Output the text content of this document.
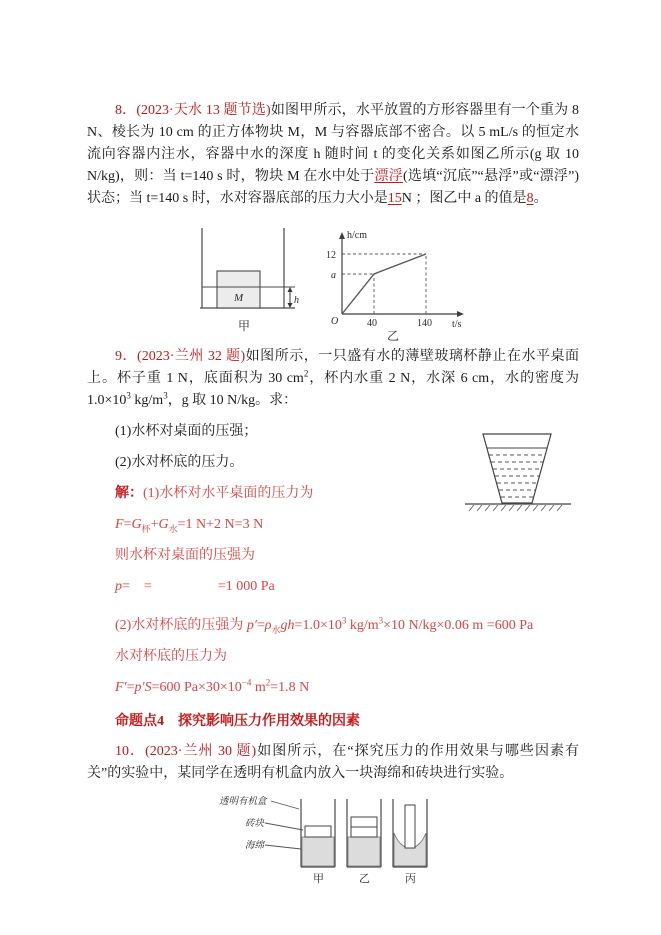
8．(2023·天水 13 题节选)如图甲所示，水平放置的方形容器里有一个重为 8 N、棱长为 10 cm 的正方体物块 M，M 与容器底部不密合。以 5 mL/s 的恒定水流向容器内注水，容器中水的深度 h 随时间 t 的变化关系如图乙所示(g 取 10 N/kg)，则：当 t=140 s 时，物块 M 在水中处于漂浮(选填“沉底”“悬浮”或“漂浮”)状态；当 t=140 s 时，水对容器底部的压力大小是15N ；图乙中 a 的值是8。

M	h
甲
h/cm
t/s
O
12
a
40	140
乙

9．(2023·兰州 32 题)如图所示，一只盛有水的薄壁玻璃杯静止在水平桌面上。杯子重 1 N，底面积为 30 $cm^2$，杯内水重 2 N，水深 6 cm，水的密度为 $1.0\times 10^3$ $kg/m^3$，g 取 10 N/kg。求：

(1)水杯对桌面的压强；

(2)水对杯底的压力。

解：(1)水杯对水平桌面的压力为

$F=G_杯+G_水=1$ N+2 N=3 N

则水杯对桌面的压强为

p= =	=1 000 Pa

(2)水对杯底的压强为 $p'=\rho_水gh=1.0\times 10^3$ $kg/m^3\times 10$ N/kg×0.06 m =600 Pa

水对杯底的压力为

F′=p′S=600 $Pa\times 30\times 10^{-4}$ $m^2=1.8$ N

命题点4 探究影响压力作用效果的因素

10．(2023·兰州 30 题)如图所示，在“探究压力的作用效果与哪些因素有关”的实验中，某同学在透明有机盒内放入一块海绵和砖块进行实验。

透明有机盒
砖块
海绵
甲	乙	丙
